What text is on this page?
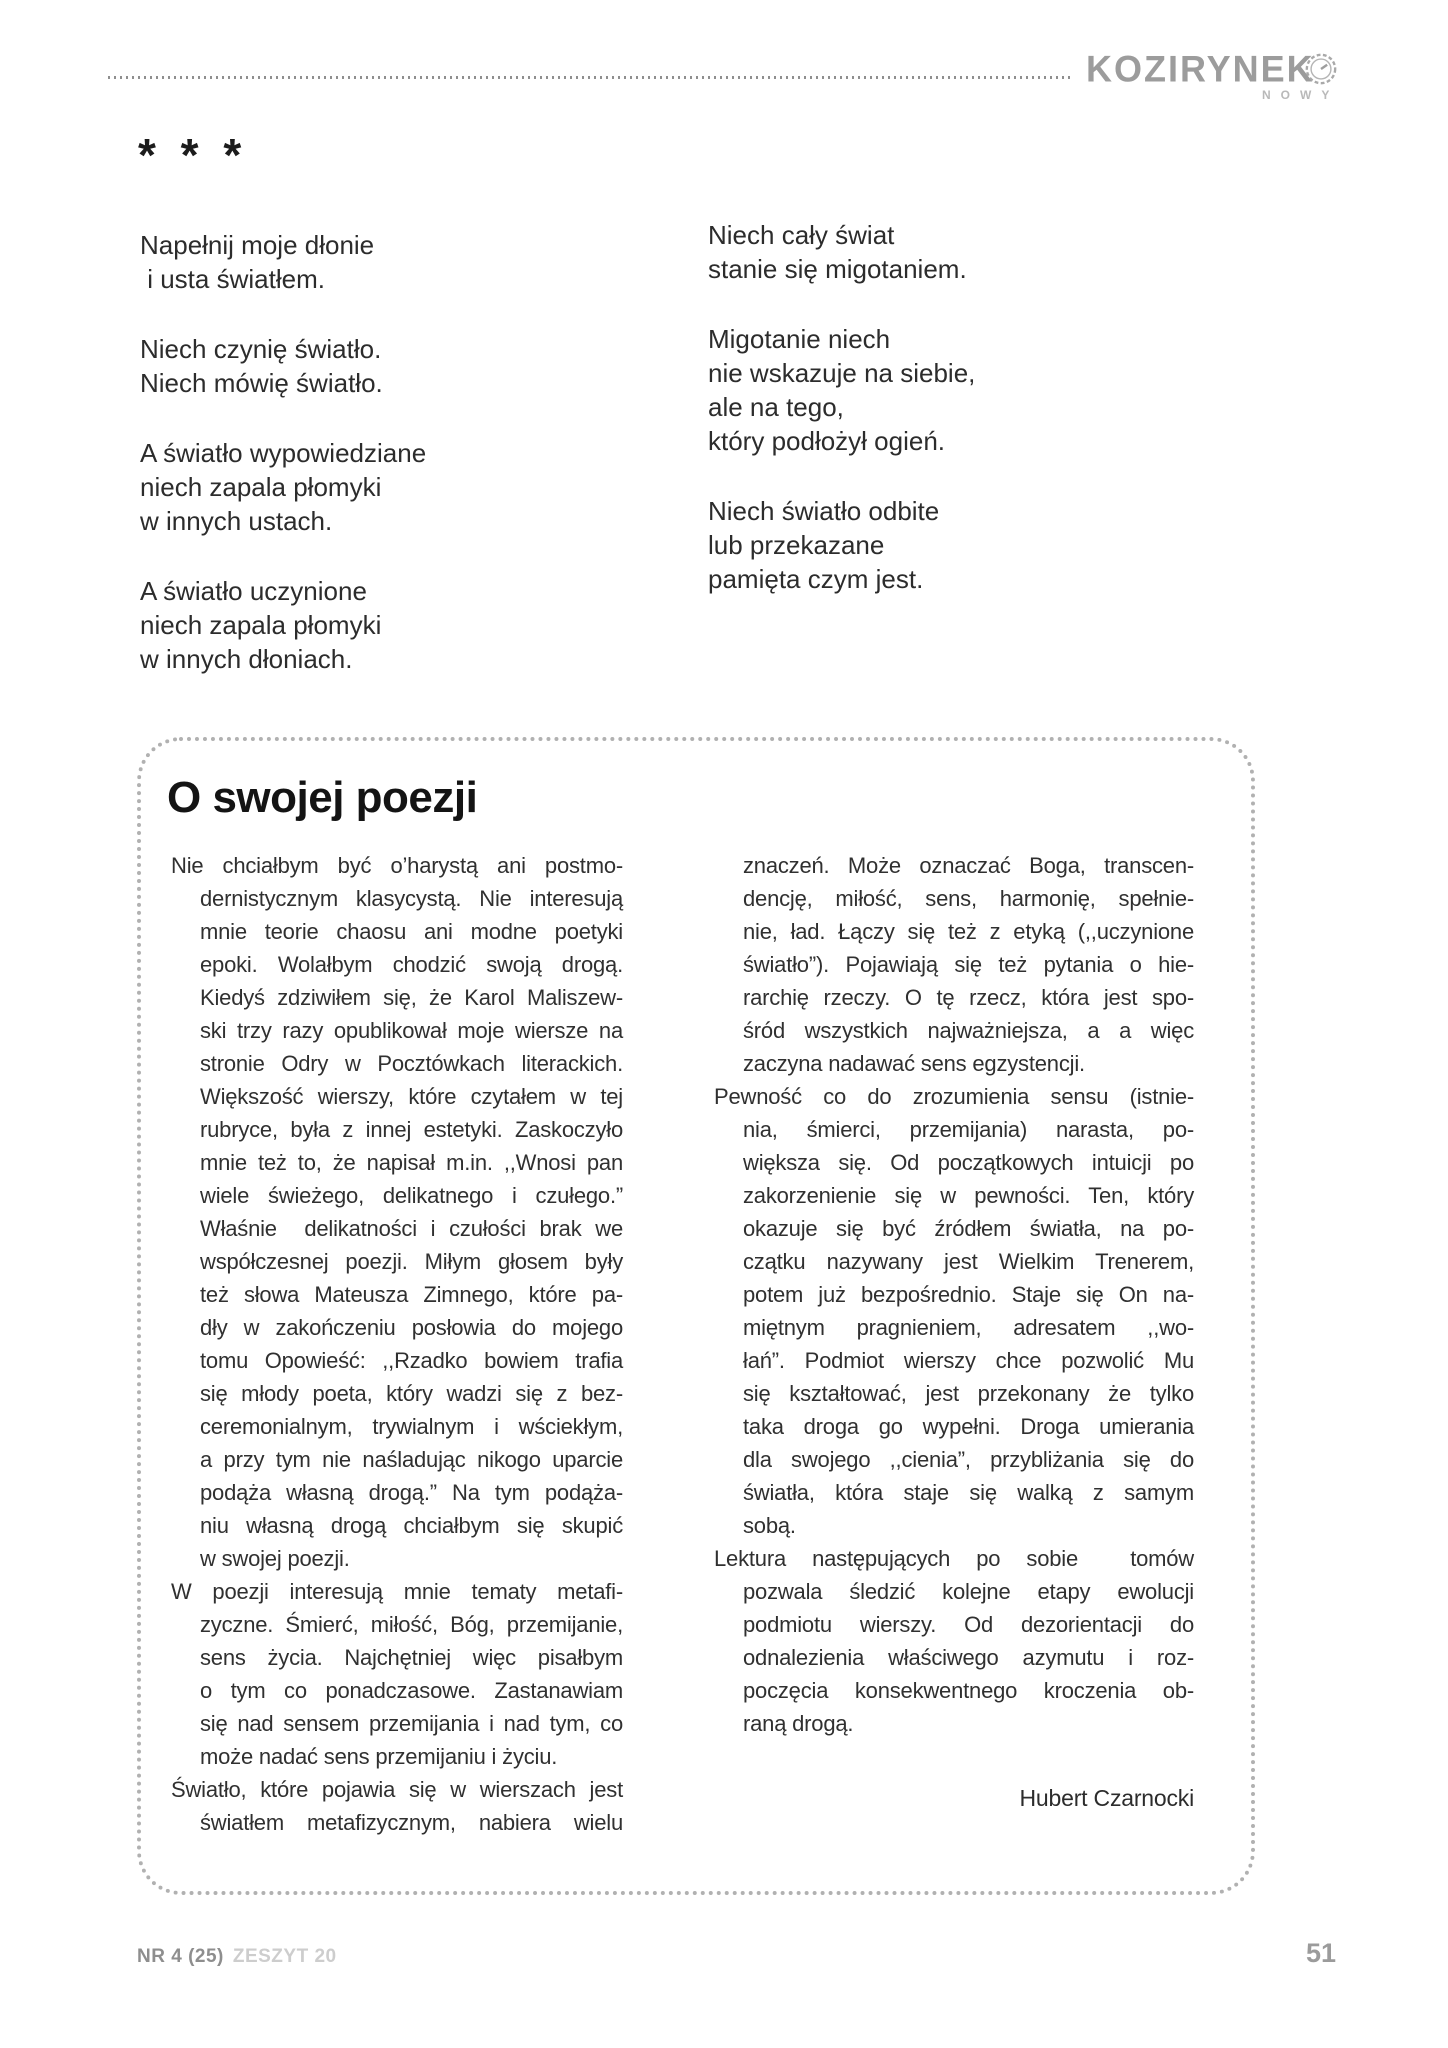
KOZIRYNEK
NOWY
* * *
Napełnij moje dłonie
i usta światłem.
Niech czynię światło.
Niech mówię światło.
A światło wypowiedziane
niech zapala płomyki
w innych ustach.
A światło uczynione
niech zapala płomyki
w innych dłoniach.
Niech cały świat
stanie się migotaniem.
Migotanie niech
nie wskazuje na siebie,
ale na tego,
który podłożył ogień.
Niech światło odbite
lub przekazane
pamięta czym jest.
O swojej poezji
Nie chciałbym być o’harystą ani postmo-
dernistycznym klasycystą. Nie interesują
mnie teorie chaosu ani modne poetyki
epoki. Wolałbym chodzić swoją drogą.
Kiedyś zdziwiłem się, że Karol Maliszew-
ski trzy razy opublikował moje wiersze na
stronie Odry w Pocztówkach literackich.
Większość wierszy, które czytałem w tej
rubryce, była z innej estetyki. Zaskoczyło
mnie też to, że napisał m.in. ,,Wnosi pan
wiele świeżego, delikatnego i czułego.”
Właśnie  delikatności i czułości brak we
współczesnej poezji. Miłym głosem były
też słowa Mateusza Zimnego, które pa-
dły w zakończeniu posłowia do mojego
tomu Opowieść: ,,Rzadko bowiem trafia
się młody poeta, który wadzi się z bez-
ceremonialnym, trywialnym i wściekłym,
a przy tym nie naśladując nikogo uparcie
podąża własną drogą.” Na tym podąża-
niu własną drogą chciałbym się skupić
w swojej poezji.
W poezji interesują mnie tematy metafi-
zyczne. Śmierć, miłość, Bóg, przemijanie,
sens życia. Najchętniej więc pisałbym
o tym co ponadczasowe. Zastanawiam
się nad sensem przemijania i nad tym, co
może nadać sens przemijaniu i życiu.
Światło, które pojawia się w wierszach jest
światłem metafizycznym, nabiera wielu
znaczeń. Może oznaczać Boga, transcen-
dencję, miłość, sens, harmonię, spełnie-
nie, ład. Łączy się też z etyką (,,uczynione
światło”). Pojawiają się też pytania o hie-
rarchię rzeczy. O tę rzecz, która jest spo-
śród wszystkich najważniejsza, a a więc
zaczyna nadawać sens egzystencji.
Pewność co do zrozumienia sensu (istnie-
nia, śmierci, przemijania) narasta, po-
większa się. Od początkowych intuicji po
zakorzenienie się w pewności. Ten, który
okazuje się być źródłem światła, na po-
czątku nazywany jest Wielkim Trenerem,
potem już bezpośrednio. Staje się On na-
miętnym pragnieniem, adresatem ,,wo-
łań”. Podmiot wierszy chce pozwolić Mu
się kształtować, jest przekonany że tylko
taka droga go wypełni. Droga umierania
dla swojego ,,cienia”, przybliżania się do
światła, która staje się walką z samym
sobą.
Lektura następujących po sobie  tomów
pozwala śledzić kolejne etapy ewolucji
podmiotu wierszy. Od dezorientacji do
odnalezienia właściwego azymutu i roz-
poczęcia konsekwentnego kroczenia ob-
raną drogą.
Hubert Czarnocki
NR 4 (25) ZESZYT 20	51
